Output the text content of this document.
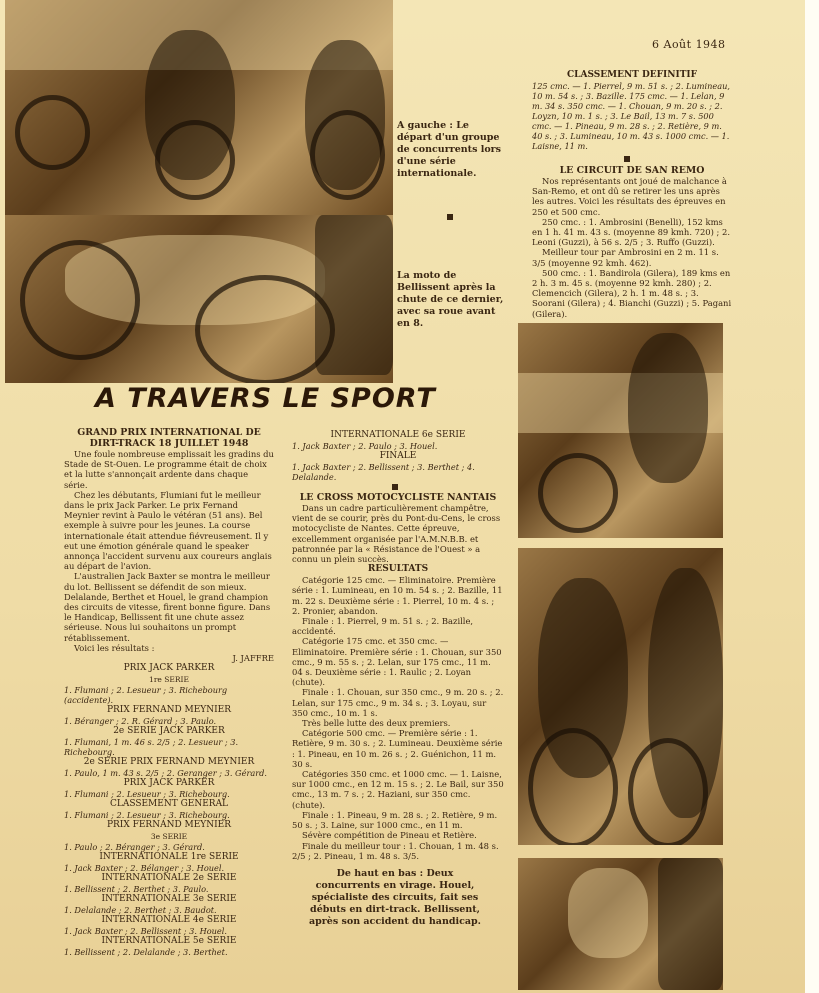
6 Août 1948
A gauche : Le départ d'un groupe de concurrents lors d'une série internationale.
La moto de Bellissent après la chute de ce dernier, avec sa roue avant en 8.
A TRAVERS LE SPORT

GRAND PRIX INTERNATIONAL DE DIRT-TRACK 18 JUILLET 1948

Une foule nombreuse emplissait les gradins du Stade de St-Ouen. Le programme était de choix et la lutte s'annonçait ardente dans chaque série.

Chez les débutants, Flumiani fut le meilleur dans le prix Jack Parker. Le prix Fernand Meynier revint à Paulo le vétéran (51 ans). Bel exemple à suivre pour les jeunes. La course internationale était attendue fiévreusement. Il y eut une émotion générale quand le speaker annonça l'accident survenu aux coureurs anglais au départ de l'avion.

L'australien Jack Baxter se montra le meilleur du lot. Bellissent se défendit de son mieux. Delalande, Berthet et Houel, le grand champion des circuits de vitesse, firent bonne figure. Dans le Handicap, Bellissent fit une chute assez sérieuse. Nous lui souhaitons un prompt rétablissement.

Voici les résultats :

J. JAFFRE

PRIX JACK PARKER

1re SERIE

1. Flumani ; 2. Lesueur ; 3. Richebourg (accidente).

PRIX FERNAND MEYNIER

1. Béranger ; 2. R. Gérard ; 3. Paulo.

2e SERIE JACK PARKER

1. Flumani, 1 m. 46 s. 2/5 ; 2. Lesueur ; 3. Richebourg.

2e SERIE PRIX FERNAND MEYNIER

1. Paulo, 1 m. 43 s. 2/5 ; 2. Geranger ; 3. Gérard.

PRIX JACK PARKER

1. Flumani ; 2. Lesueur ; 3. Richebourg.

CLASSEMENT GENERAL

1. Flumani ; 2. Lesueur ; 3. Richebourg.

PRIX FERNAND MEYNIER

3e SERIE

1. Paulo ; 2. Béranger ; 3. Gérard.

INTERNATIONALE 1re SERIE

1. Jack Baxter ; 2. Bélanger ; 3. Houel.

INTERNATIONALE 2e SERIE

1. Bellissent ; 2. Berthet ; 3. Paulo.

INTERNATIONALE 3e SERIE

1. Delalande ; 2. Berthet ; 3. Baudot.

INTERNATIONALE 4e SERIE

1. Jack Baxter ; 2. Bellissent ; 3. Houel.

INTERNATIONALE 5e SERIE

1. Bellissent ; 2. Delalande ; 3. Berthet.

INTERNATIONALE 6e SERIE

1. Jack Baxter ; 2. Paulo ; 3. Houel.

FINALE

1. Jack Baxter ; 2. Bellissent ; 3. Berthet ; 4. Delalande.

LE CROSS MOTOCYCLISTE NANTAIS

Dans un cadre particulièrement champêtre, vient de se courir, près du Pont-du-Cens, le cross motocycliste de Nantes. Cette épreuve, excellemment organisée par l'A.M.N.B.B. et patronnée par la « Résistance de l'Ouest » a connu un plein succès.

RESULTATS

Catégorie 125 cmc. — Eliminatoire. Première série : 1. Lumineau, en 10 m. 54 s. ; 2. Bazille, 11 m. 22 s. Deuxième série : 1. Pierrel, 10 m. 4 s. ; 2. Pronier, abandon.

Finale : 1. Pierrel, 9 m. 51 s. ; 2. Bazille, accidenté.

Catégorie 175 cmc. et 350 cmc. — Eliminatoire. Première série : 1. Chouan, sur 350 cmc., 9 m. 55 s. ; 2. Lelan, sur 175 cmc., 11 m. 04 s. Deuxième série : 1. Raulic ; 2. Loyan (chute).

Finale : 1. Chouan, sur 350 cmc., 9 m. 20 s. ; 2. Lelan, sur 175 cmc., 9 m. 34 s. ; 3. Loyau, sur 350 cmc., 10 m. 1 s.

Très belle lutte des deux premiers.

Catégorie 500 cmc. — Première série : 1. Retière, 9 m. 30 s. ; 2. Lumineau. Deuxième série : 1. Pineau, en 10 m. 26 s. ; 2. Guénichon, 11 m. 30 s.

Catégories 350 cmc. et 1000 cmc. — 1. Laisne, sur 1000 cmc., en 12 m. 15 s. ; 2. Le Bail, sur 350 cmc., 13 m. 7 s. ; 2. Haziani, sur 350 cmc. (chute).

Finale : 1. Pineau, 9 m. 28 s. ; 2. Retière, 9 m. 50 s. ; 3. Laine, sur 1000 cmc., en 11 m.

Sévère compétition de Pineau et Retière.

Finale du meilleur tour : 1. Chouan, 1 m. 48 s. 2/5 ; 2. Pineau, 1 m. 48 s. 3/5.

De haut en bas : Deux concurrents en virage. Houel, spécialiste des circuits, fait ses débuts en dirt-track. Bellissent, après son accident du handicap.

CLASSEMENT DEFINITIF

125 cmc. — 1. Pierrel, 9 m. 51 s. ; 2. Lumineau, 10 m. 54 s. ; 3. Bazille. 175 cmc. — 1. Lelan, 9 m. 34 s. 350 cmc. — 1. Chouan, 9 m. 20 s. ; 2. Loyzn, 10 m. 1 s. ; 3. Le Bail, 13 m. 7 s. 500 cmc. — 1. Pineau, 9 m. 28 s. ; 2. Retière, 9 m. 40 s. ; 3. Lumineau, 10 m. 43 s. 1000 cmc. — 1. Laisne, 11 m.

LE CIRCUIT DE SAN REMO

Nos représentants ont joué de malchance à San-Remo, et ont dû se retirer les uns après les autres. Voici les résultats des épreuves en 250 et 500 cmc.

250 cmc. : 1. Ambrosini (Benelli), 152 kms en 1 h. 41 m. 43 s. (moyenne 89 kmh. 720) ; 2. Leoni (Guzzi), à 56 s. 2/5 ; 3. Ruffo (Guzzi).

Meilleur tour par Ambrosini en 2 m. 11 s. 3/5 (moyenne 92 kmh. 462).

500 cmc. : 1. Bandirola (Gilera), 189 kms en 2 h. 3 m. 45 s. (moyenne 92 kmh. 280) ; 2. Clemencich (Gilera), 2 h. 1 m. 48 s. ; 3. Soorani (Gilera) ; 4. Bianchi (Guzzi) ; 5. Pagani (Gilera).
